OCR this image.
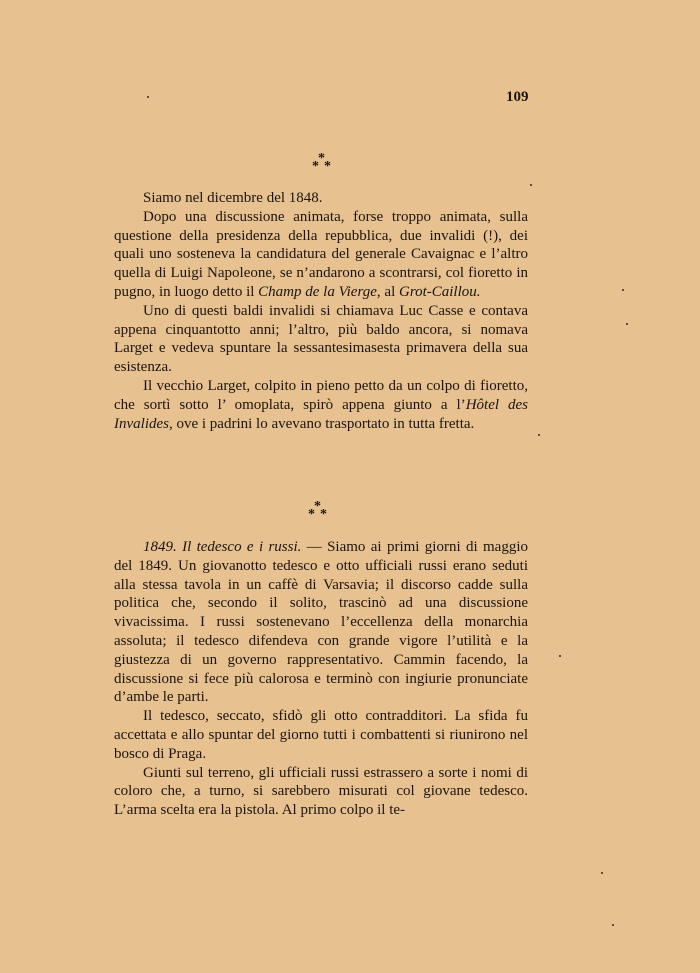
109
*
* *

Siamo nel dicembre del 1848.

Dopo una discussione animata, forse troppo animata, sulla questione della presidenza della repubblica, due invalidi (!), dei quali uno sosteneva la candidatura del generale Cavaignac e l’altro quella di Luigi Napoleone, se n’andarono a scontrarsi, col fioretto in pugno, in luogo detto il Champ de la Vierge, al Grot-Caillou.

Uno di questi baldi invalidi si chiamava Luc Casse e contava appena cinquantotto anni; l’altro, più baldo ancora, si nomava Larget e vedeva spuntare la sessantesimasesta primavera della sua esistenza.

Il vecchio Larget, colpito in pieno petto da un colpo di fioretto, che sortì sotto l’ omoplata, spirò appena giunto a l’Hôtel des Invalides, ove i padrini lo avevano trasportato in tutta fretta.

*
* *

1849. Il tedesco e i russi. — Siamo ai primi giorni di maggio del 1849. Un giovanotto tedesco e otto ufficiali russi erano seduti alla stessa tavola in un caffè di Varsavia; il discorso cadde sulla politica che, secondo il solito, trascinò ad una discussione vivacissima. I russi sostenevano l’eccellenza della monarchia assoluta; il tedesco difendeva con grande vigore l’utilità e la giustezza di un governo rappresentativo. Cammin facendo, la discussione si fece più calorosa e terminò con ingiurie pronunciate d’ambe le parti.

Il tedesco, seccato, sfidò gli otto contradditori. La sfida fu accettata e allo spuntar del giorno tutti i combattenti si riunirono nel bosco di Praga.

Giunti sul terreno, gli ufficiali russi estrassero a sorte i nomi di coloro che, a turno, si sarebbero misurati col giovane tedesco. L’arma scelta era la pistola. Al primo colpo il te-
